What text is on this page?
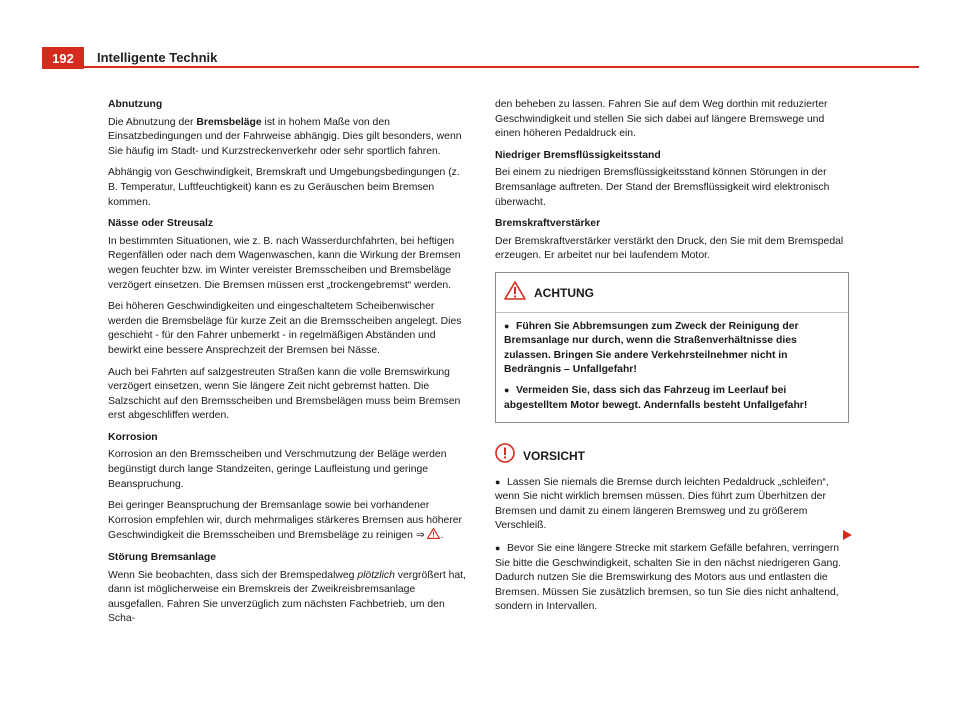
192	Intelligente Technik
Abnutzung

Die Abnutzung der Bremsbeläge ist in hohem Maße von den Einsatzbedingungen und der Fahrweise abhängig. Dies gilt besonders, wenn Sie häufig im Stadt- und Kurzstreckenverkehr oder sehr sportlich fahren.

Abhängig von Geschwindigkeit, Bremskraft und Umgebungsbedingungen (z. B. Temperatur, Luftfeuchtigkeit) kann es zu Geräuschen beim Bremsen kommen.

Nässe oder Streusalz

In bestimmten Situationen, wie z. B. nach Wasserdurchfahrten, bei heftigen Regenfällen oder nach dem Wagenwaschen, kann die Wirkung der Bremsen wegen feuchter bzw. im Winter vereister Bremsscheiben und Bremsbeläge verzögert einsetzen. Die Bremsen müssen erst „trockengebremst“ werden.

Bei höheren Geschwindigkeiten und eingeschaltetem Scheibenwischer werden die Bremsbeläge für kurze Zeit an die Bremsscheiben angelegt. Dies geschieht - für den Fahrer unbemerkt - in regelmäßigen Abständen und bewirkt eine bessere Ansprechzeit der Bremsen bei Nässe.

Auch bei Fahrten auf salzgestreuten Straßen kann die volle Bremswirkung verzögert einsetzen, wenn Sie längere Zeit nicht gebremst hatten. Die Salzschicht auf den Bremsscheiben und Bremsbelägen muss beim Bremsen erst abgeschliffen werden.

Korrosion

Korrosion an den Bremsscheiben und Verschmutzung der Beläge werden begünstigt durch lange Standzeiten, geringe Laufleistung und geringe Beanspruchung.

Bei geringer Beanspruchung der Bremsanlage sowie bei vorhandener Korrosion empfehlen wir, durch mehrmaliges stärkeres Bremsen aus höherer Geschwindigkeit die Bremsscheiben und Bremsbeläge zu reinigen ⇒ .

Störung Bremsanlage

Wenn Sie beobachten, dass sich der Bremspedalweg plötzlich vergrößert hat, dann ist möglicherweise ein Bremskreis der Zweikreisbremsanlage ausgefallen. Fahren Sie unverzüglich zum nächsten Fachbetrieb, um den Scha-

den beheben zu lassen. Fahren Sie auf dem Weg dorthin mit reduzierter Geschwindigkeit und stellen Sie sich dabei auf längere Bremswege und einen höheren Pedaldruck ein.

Niedriger Bremsflüssigkeitsstand

Bei einem zu niedrigen Bremsflüssigkeitsstand können Störungen in der Bremsanlage auftreten. Der Stand der Bremsflüssigkeit wird elektronisch überwacht.

Bremskraftverstärker

Der Bremskraftverstärker verstärkt den Druck, den Sie mit dem Bremspedal erzeugen. Er arbeitet nur bei laufendem Motor.

ACHTUNG

● Führen Sie Abbremsungen zum Zweck der Reinigung der Bremsanlage nur durch, wenn die Straßenverhältnisse dies zulassen. Bringen Sie andere Verkehrsteilnehmer nicht in Bedrängnis – Unfallgefahr!

● Vermeiden Sie, dass sich das Fahrzeug im Leerlauf bei abgestelltem Motor bewegt. Andernfalls besteht Unfallgefahr!

VORSICHT

● Lassen Sie niemals die Bremse durch leichten Pedaldruck „schleifen“, wenn Sie nicht wirklich bremsen müssen. Dies führt zum Überhitzen der Bremsen und damit zu einem längeren Bremsweg und zu größerem Verschleiß.

● Bevor Sie eine längere Strecke mit starkem Gefälle befahren, verringern Sie bitte die Geschwindigkeit, schalten Sie in den nächst niedrigeren Gang. Dadurch nutzen Sie die Bremswirkung des Motors aus und entlasten die Bremsen. Müssen Sie zusätzlich bremsen, so tun Sie dies nicht anhaltend, sondern in Intervallen.
